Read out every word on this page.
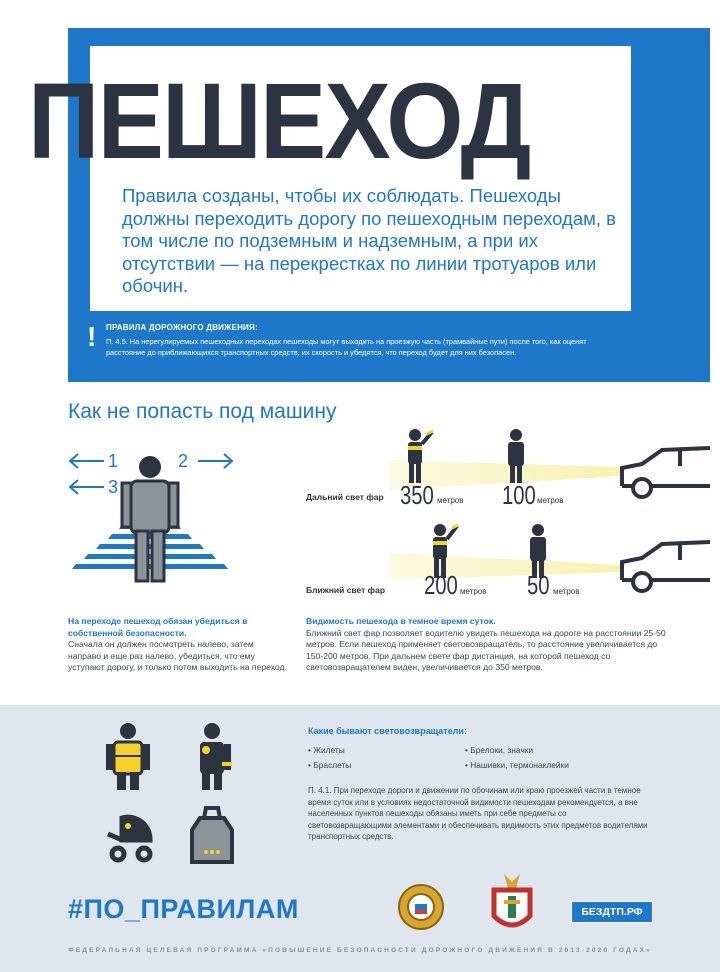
ПЕШЕХОД

Правила созданы, чтобы их соблюдать. Пешеходы должны переходить дорогу по пешеходным переходам, в том числе по подземным и надземным, а при их отсутствии — на перекрестках по линии тротуаров или обочин.

! ПРАВИЛА ДОРОЖНОГО ДВИЖЕНИЯ:
П. 4.5. На нерегулируемых пешеходных переходах пешеходы могут выходить на проезжую часть (трамвайные пути) после того, как оценят расстояние до приближающихся транспортных средств, их скорость и убедятся, что переход будет для них безопасен.
Как не попасть под машину
1	2
3
На переходе пешеход обязан убедиться в собственной безопасности.
Сначала он должен посмотреть налево, затем направо и еще раз налево, убедиться, что ему уступают дорогу, и только потом выходить на переход.
Дальний свет фар 350 метров 100 метров
Ближний свет фар 200 метров 50 метров
Видимость пешехода в темное время суток.
Ближний свет фар позволяет водителю увидеть пешехода на дороге на расстоянии 25-50 метров. Если пешеход применяет световозвращатель, то расстояние увеличивается до 150-200 метров. При дальнем свете фар дистанция, на которой пешеход со световозвращателем виден, увеличивается до 350 метров.
Какие бывают световозвращатели:
• Жилеты
• Браслеты
• Брелоки, значки
• Нашивки, термонаклейки
П. 4.1. При переходе дороги и движении по обочинам или краю проезжей части в темное время суток или в условиях недостаточной видимости пешеходам рекомендуется, а вне населенных пунктов пешеходы обязаны иметь при себе предметы со световозвращающими элементами и обеспечивать видимость этих предметов водителями транспортных средств.
#ПО_ПРАВИЛАМ	БЕЗДТП.РФ
ФЕДЕРАЛЬНАЯ ЦЕЛЕВАЯ ПРОГРАММА «ПОВЫШЕНИЕ БЕЗОПАСНОСТИ ДОРОЖНОГО ДВИЖЕНИЯ В 2013-2020 ГОДАХ»
